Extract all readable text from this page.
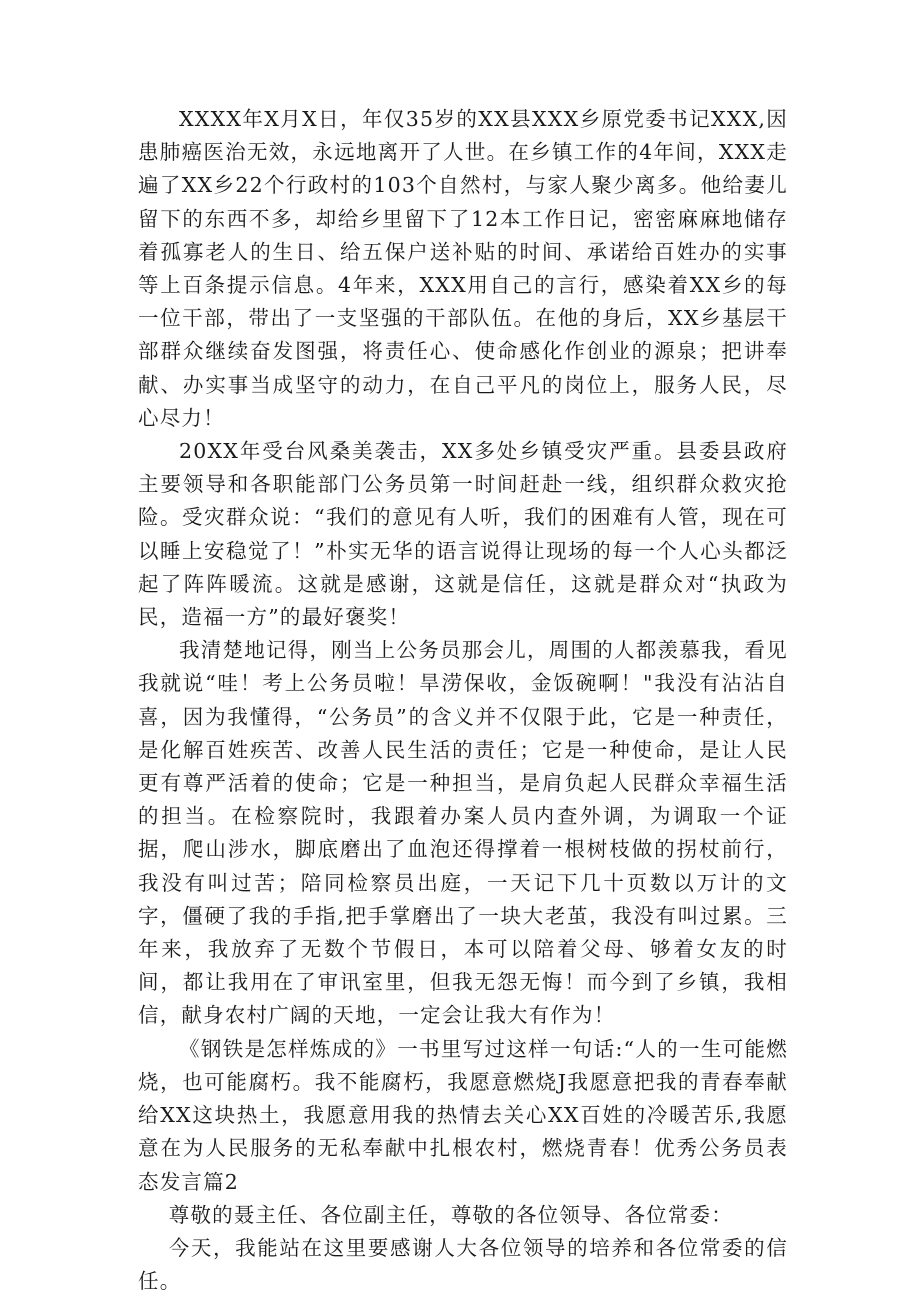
XXXX年X月X日，年仅35岁的XX县XXX乡原党委书记XXX,因患肺癌医治无效，永远地离开了人世。在乡镇工作的4年间，XXX走遍了XX乡22个行政村的103个自然村，与家人聚少离多。他给妻儿留下的东西不多，却给乡里留下了12本工作日记，密密麻麻地储存着孤寡老人的生日、给五保户送补贴的时间、承诺给百姓办的实事等上百条提示信息。4年来，XXX用自己的言行，感染着XX乡的每一位干部，带出了一支坚强的干部队伍。在他的身后，XX乡基层干部群众继续奋发图强，将责任心、使命感化作创业的源泉；把讲奉献、办实事当成坚守的动力，在自己平凡的岗位上，服务人民，尽心尽力！

20XX年受台风桑美袭击，XX多处乡镇受灾严重。县委县政府主要领导和各职能部门公务员第一时间赶赴一线，组织群众救灾抢险。受灾群众说：“我们的意见有人听，我们的困难有人管，现在可以睡上安稳觉了！”朴实无华的语言说得让现场的每一个人心头都泛起了阵阵暖流。这就是感谢，这就是信任，这就是群众对“执政为民，造福一方”的最好褒奖！

我清楚地记得，刚当上公务员那会儿，周围的人都羡慕我，看见我就说“哇！考上公务员啦！旱涝保收，金饭碗啊！"我没有沾沾自喜，因为我懂得，“公务员”的含义并不仅限于此，它是一种责任，是化解百姓疾苦、改善人民生活的责任；它是一种使命，是让人民更有尊严活着的使命；它是一种担当，是肩负起人民群众幸福生活的担当。在检察院时，我跟着办案人员内查外调，为调取一个证据，爬山涉水，脚底磨出了血泡还得撑着一根树枝做的拐杖前行，我没有叫过苦；陪同检察员出庭，一天记下几十页数以万计的文字，僵硬了我的手指,把手掌磨出了一块大老茧，我没有叫过累。三年来，我放弃了无数个节假日，本可以陪着父母、够着女友的时间，都让我用在了审讯室里，但我无怨无悔！而今到了乡镇，我相信，献身农村广阔的天地，一定会让我大有作为！

《钢铁是怎样炼成的》一书里写过这样一句话:“人的一生可能燃烧，也可能腐朽。我不能腐朽，我愿意燃烧J我愿意把我的青春奉献给XX这块热土，我愿意用我的热情去关心XX百姓的冷暖苦乐,我愿意在为人民服务的无私奉献中扎根农村，燃烧青春！优秀公务员表态发言篇2

尊敬的聂主任、各位副主任，尊敬的各位领导、各位常委：

今天，我能站在这里要感谢人大各位领导的培养和各位常委的信任。
